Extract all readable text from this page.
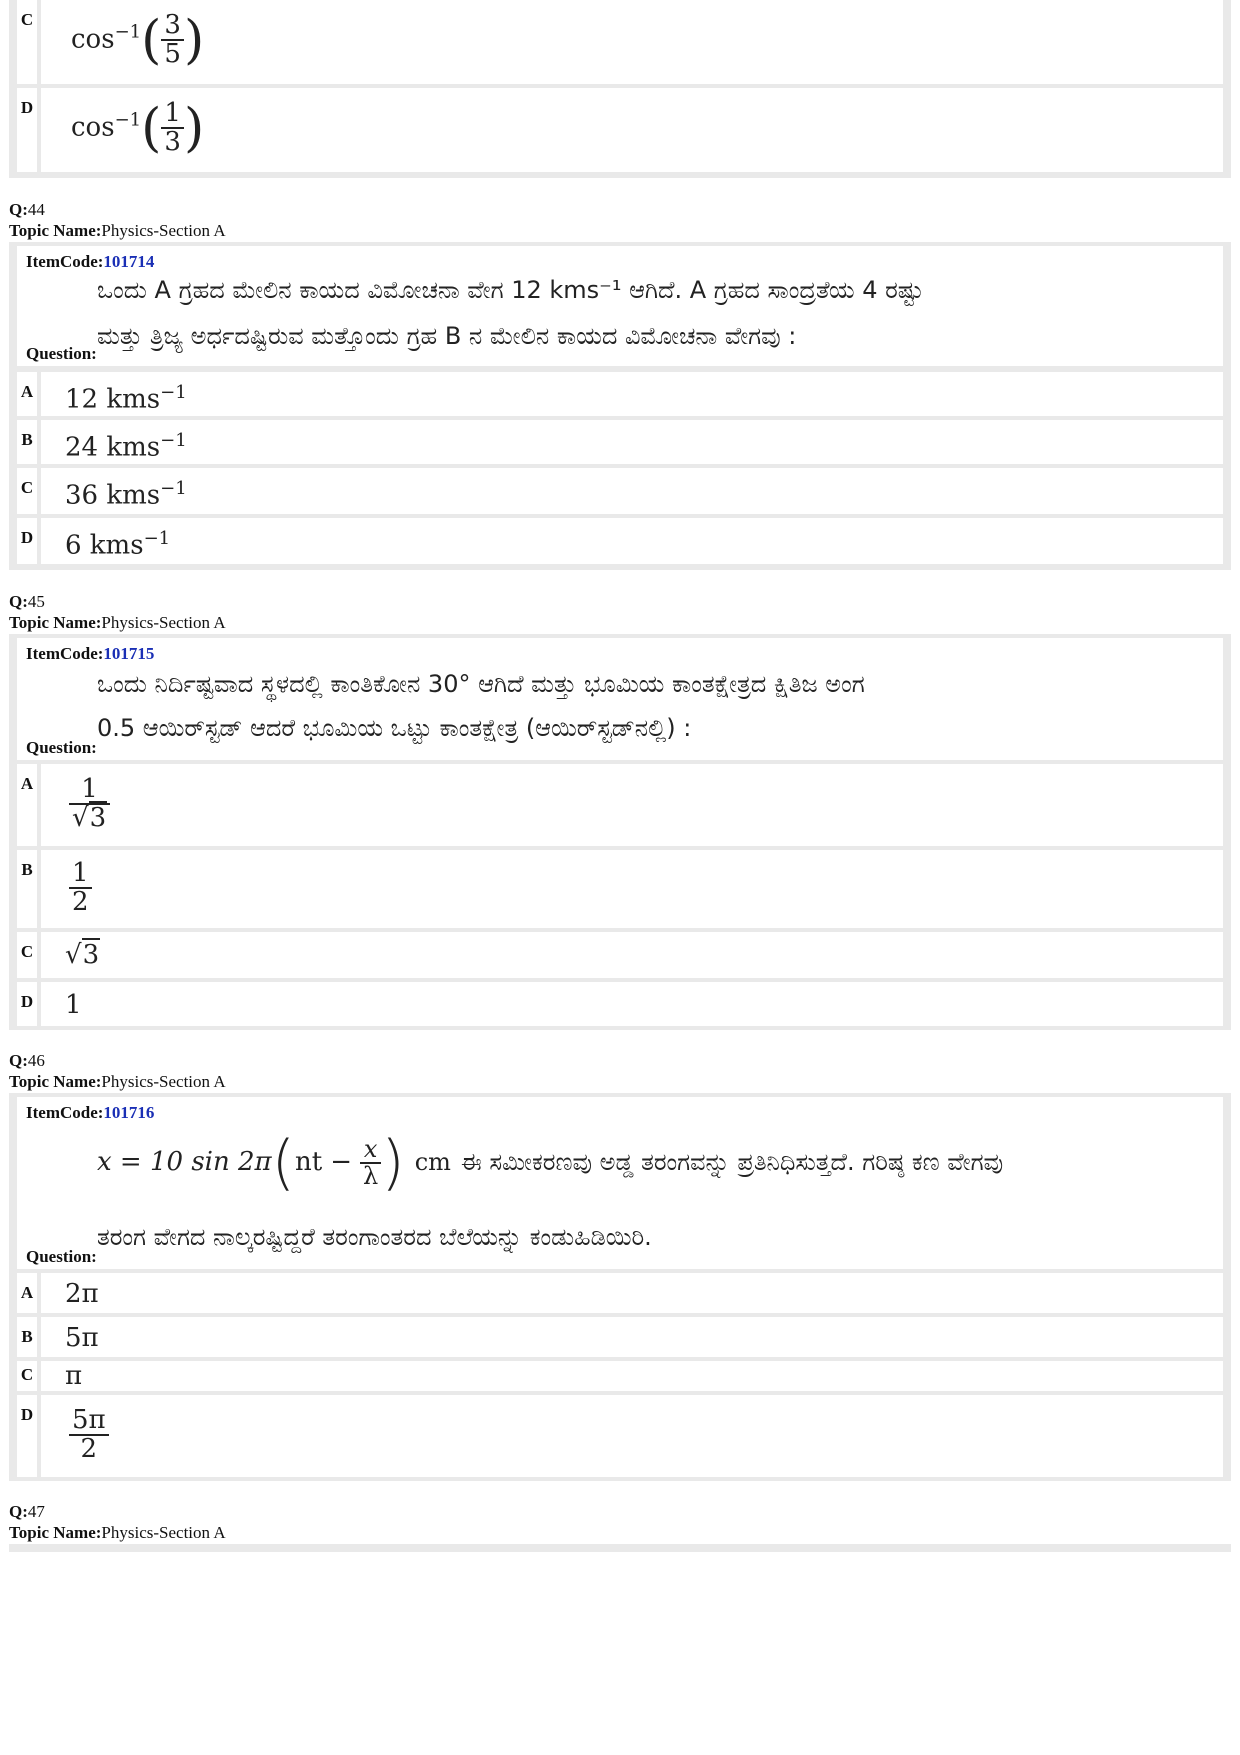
C
$\cos^{-1}( \frac{3}{5}$ )
D
$\cos^{-1}( \frac{1}{3}$ )
Q:44
Topic Name:Physics-Section A
ItemCode:101714
ಒಂದು A ಗ್ರಹದ ಮೇಲಿನ ಕಾಯದ ವಿಮೋಚನಾ ವೇಗ 12 kms⁻¹ ಆಗಿದೆ. A ಗ್ರಹದ ಸಾಂದ್ರತೆಯ 4 ರಷ್ಟು
ಮತ್ತು ತ್ರಿಜ್ಯ ಅರ್ಧದಷ್ಟಿರುವ ಮತ್ತೊಂದು ಗ್ರಹ B ನ ಮೇಲಿನ ಕಾಯದ ವಿಮೋಚನಾ ವೇಗವು :
Question:
A	12 kms$^{-1}$
B	24 kms$^{-1}$
C	36 kms$^{-1}$
D	6 kms$^{-1}$
Q:45
Topic Name:Physics-Section A
ItemCode:101715
ಒಂದು ನಿರ್ದಿಷ್ಟವಾದ ಸ್ಥಳದಲ್ಲಿ ಕಾಂತಿಕೋನ 30° ಆಗಿದೆ ಮತ್ತು ಭೂಮಿಯ ಕಾಂತಕ್ಷೇತ್ರದ ಕ್ಷಿತಿಜ ಅಂಗ
0.5 ಆಯಿರ್‌ಸ್ಟಡ್ ಆದರೆ ಭೂಮಿಯ ಒಟ್ಟು ಕಾಂತಕ್ಷೇತ್ರ (ಆಯಿರ್‌ಸ್ಟಡ್‌ನಲ್ಲಿ) :
Question:
A	$\frac{1}{√3}$
B	$\frac{1}{2}$
C	√3
D	1
Q:46
Topic Name:Physics-Section A
ItemCode:101716
x = 10 $\sin 2\pi(nt - \frac{x}{\lambda}$ ) cm ಈ ಸಮೀಕರಣವು ಅಡ್ಡ ತರಂಗವನ್ನು ಪ್ರತಿನಿಧಿಸುತ್ತದೆ. ಗರಿಷ್ಠ ಕಣ ವೇಗವು
ತರಂಗ ವೇಗದ ನಾಲ್ಕರಷ್ಟಿದ್ದರೆ ತರಂಗಾಂತರದ ಬೆಲೆಯನ್ನು ಕಂಡುಹಿಡಿಯಿರಿ.
Question:
A	2π
B	5π
C	π
D	$\frac{5\pi}{2}$
Q:47
Topic Name:Physics-Section A
